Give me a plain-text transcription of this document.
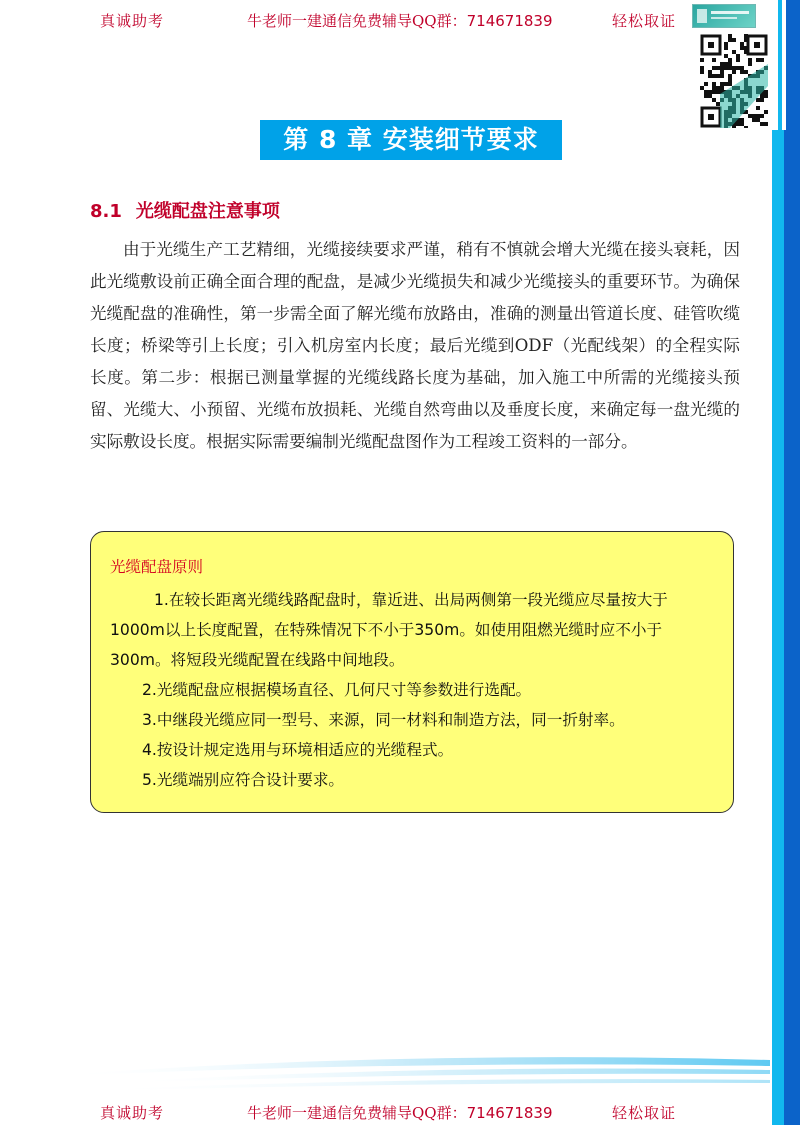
真诚助考	牛老师一建通信免费辅导QQ群：714671839	轻松取证
第 8 章 安装细节要求
8.1 光缆配盘注意事项
由于光缆生产工艺精细，光缆接续要求严谨，稍有不慎就会增大光缆在接头衰耗，因此光缆敷设前正确全面合理的配盘，是减少光缆损失和减少光缆接头的重要环节。为确保光缆配盘的准确性，第一步需全面了解光缆布放路由，准确的测量出管道长度、硅管吹缆长度；桥梁等引上长度；引入机房室内长度；最后光缆到ODF（光配线架）的全程实际长度。第二步：根据已测量掌握的光缆线路长度为基础，加入施工中所需的光缆接头预留、光缆大、小预留、光缆布放损耗、光缆自然弯曲以及垂度长度，来确定每一盘光缆的实际敷设长度。根据实际需要编制光缆配盘图作为工程竣工资料的一部分。
光缆配盘原则
1.在较长距离光缆线路配盘时，靠近进、出局两侧第一段光缆应尽量按大于1000m以上长度配置，在特殊情况下不小于350m。如使用阻燃光缆时应不小于300m。将短段光缆配置在线路中间地段。
2.光缆配盘应根据模场直径、几何尺寸等参数进行选配。
3.中继段光缆应同一型号、来源，同一材料和制造方法，同一折射率。
4.按设计规定选用与环境相适应的光缆程式。
5.光缆端别应符合设计要求。
真诚助考	牛老师一建通信免费辅导QQ群：714671839	轻松取证
